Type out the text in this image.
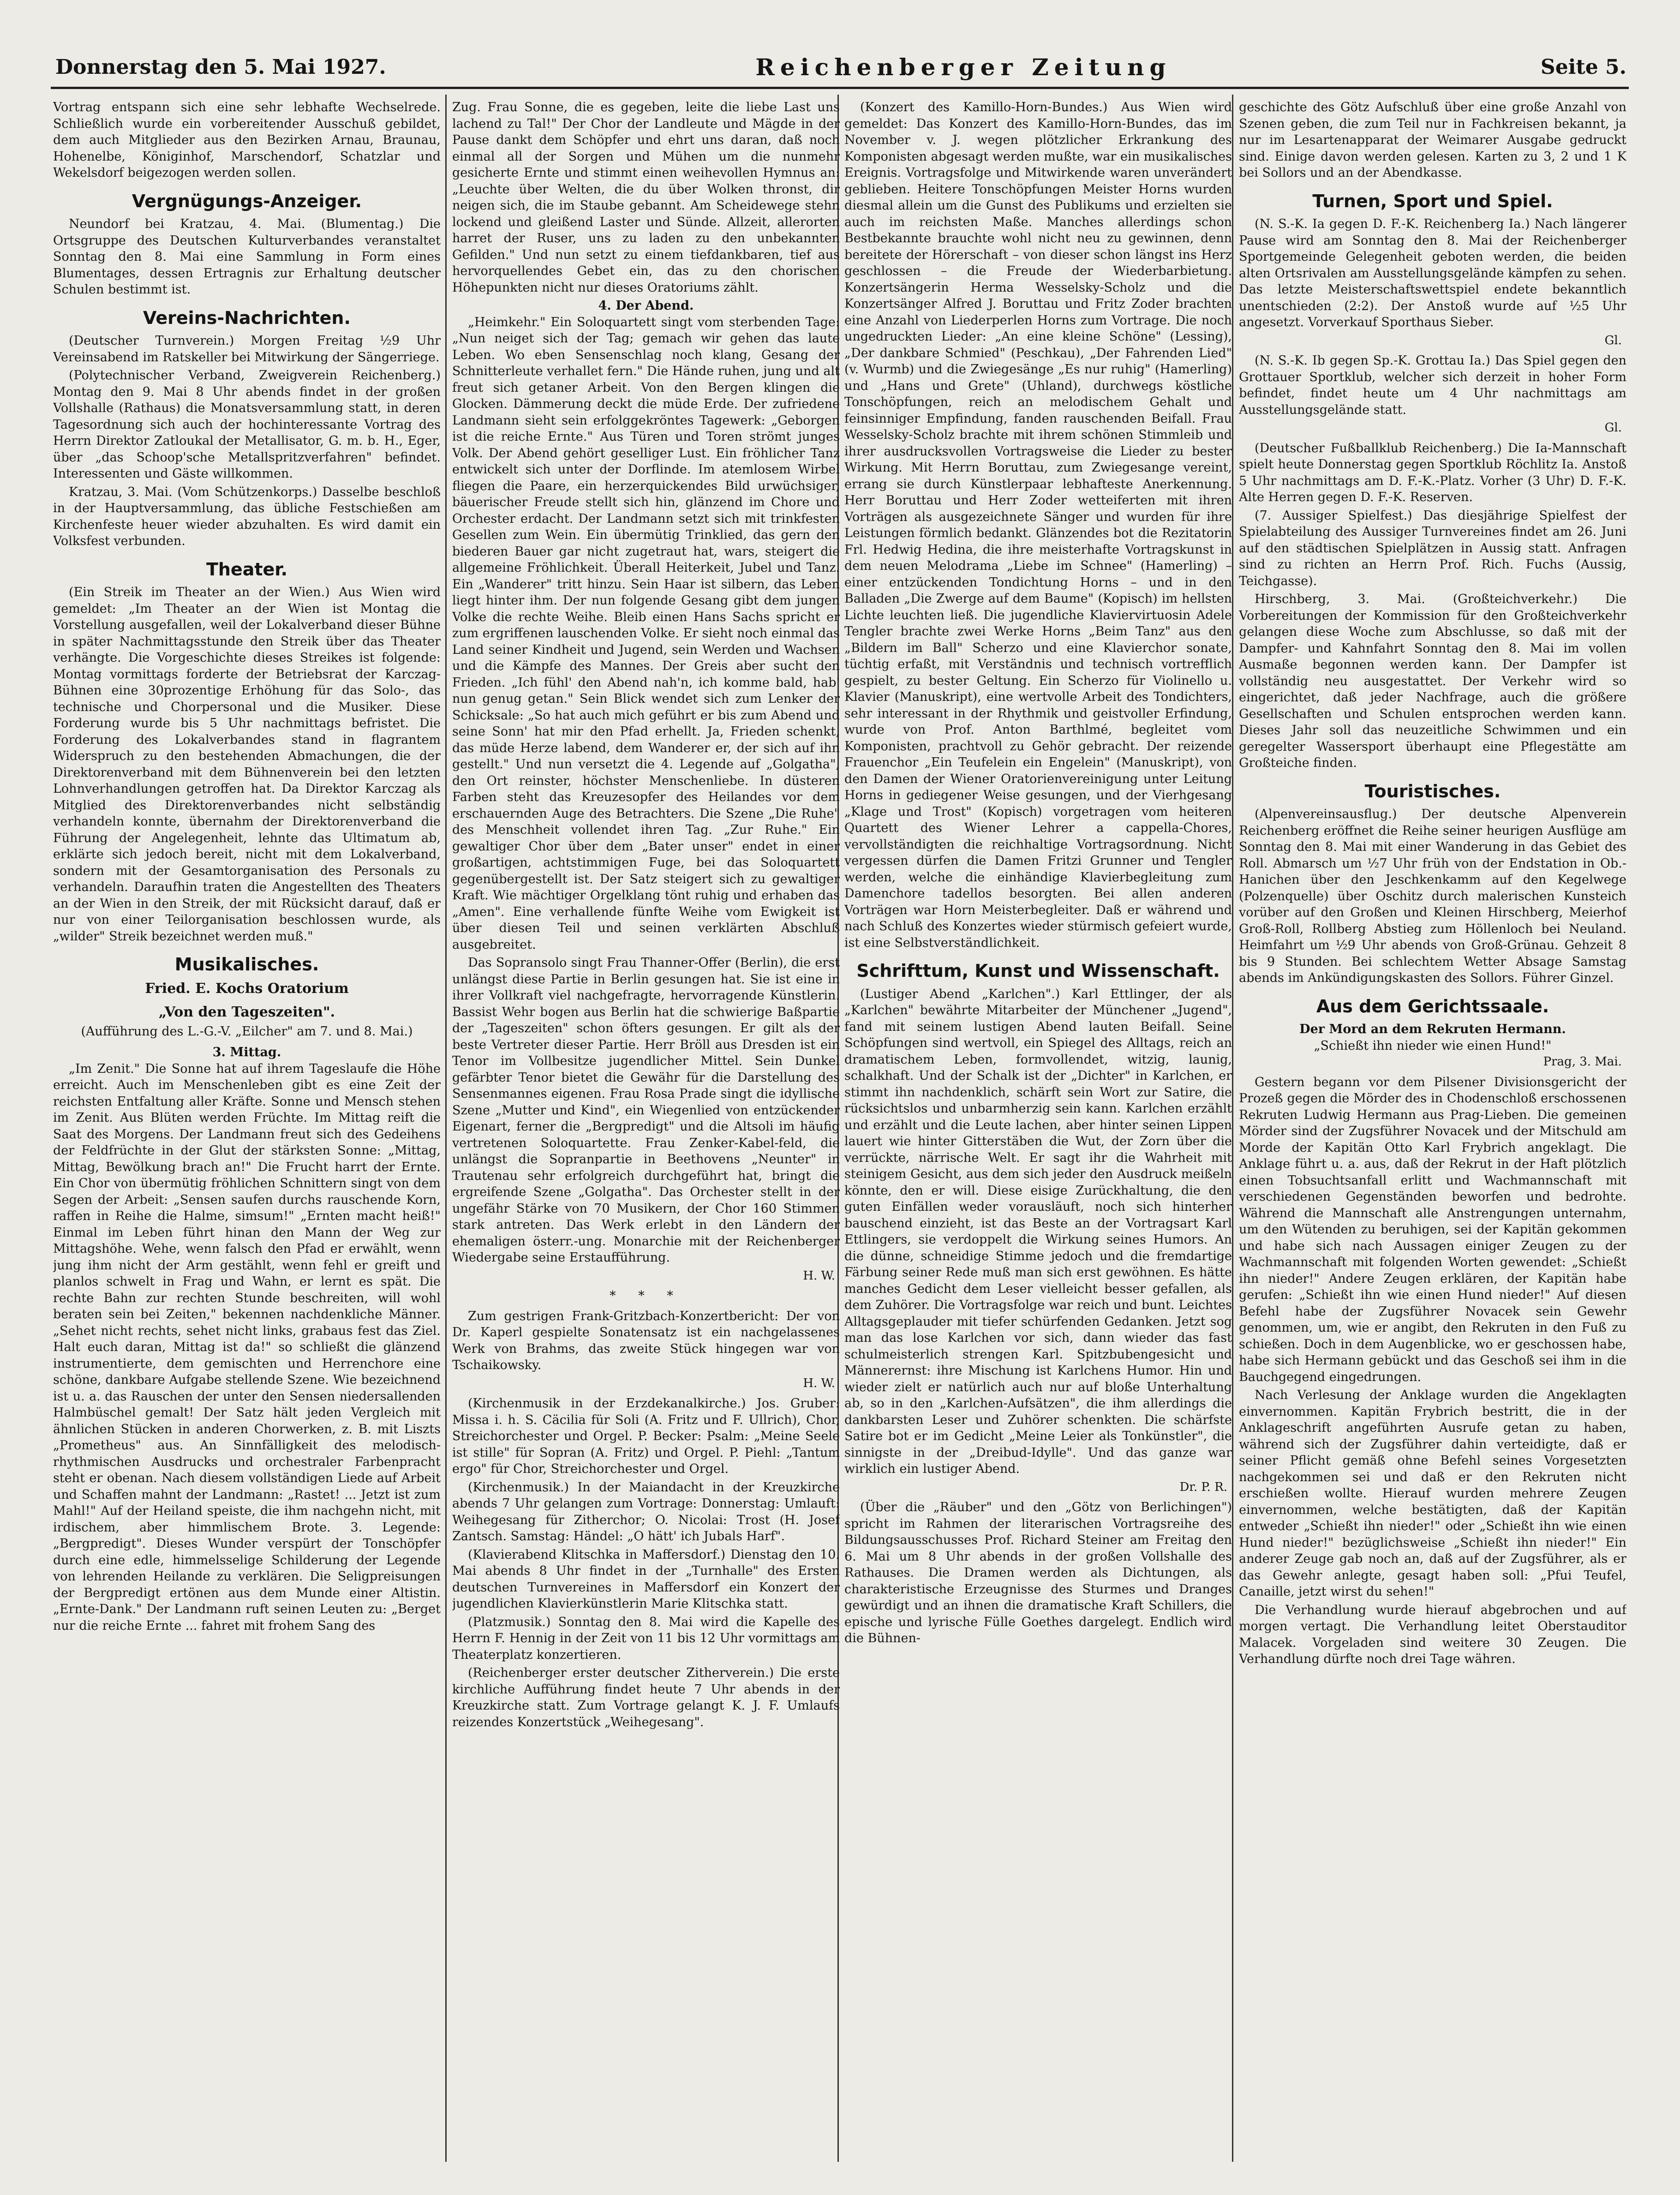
Donnerstag den 5. Mai 1927.	Reichenberger Zeitung	Seite 5.

Vortrag entspann sich eine sehr lebhafte Wechselrede. Schließlich wurde ein vorbereitender Ausschuß gebildet, dem auch Mitglieder aus den Bezirken Arnau, Braunau, Hohenelbe, Königinhof, Marschendorf, Schatzlar und Wekelsdorf beigezogen werden sollen.

Vergnügungs-Anzeiger.

Neundorf bei Kratzau, 4. Mai. (Blumentag.) Die Ortsgruppe des Deutschen Kulturverbandes veranstaltet Sonntag den 8. Mai eine Sammlung in Form eines Blumentages, dessen Ertragnis zur Erhaltung deutscher Schulen bestimmt ist.

Vereins-Nachrichten.

(Deutscher Turnverein.) Morgen Freitag ½9 Uhr Vereinsabend im Ratskeller bei Mitwirkung der Sängerriege.

(Polytechnischer Verband, Zweigverein Reichenberg.) Montag den 9. Mai 8 Uhr abends findet in der großen Vollshalle (Rathaus) die Monatsversammlung statt, in deren Tagesordnung sich auch der hochinteressante Vortrag des Herrn Direktor Zatloukal der Metallisator, G. m. b. H., Eger, über „das Schoop'sche Metallspritzverfahren" befindet. Interessenten und Gäste willkommen.

Kratzau, 3. Mai. (Vom Schützenkorps.) Dasselbe beschloß in der Hauptversammlung, das übliche Festschießen am Kirchenfeste heuer wieder abzuhalten. Es wird damit ein Volksfest verbunden.

Theater.

(Ein Streik im Theater an der Wien.) Aus Wien wird gemeldet: „Im Theater an der Wien ist Montag die Vorstellung ausgefallen, weil der Lokalverband dieser Bühne in später Nachmittagsstunde den Streik über das Theater verhängte. Die Vorgeschichte dieses Streikes ist folgende: Montag vormittags forderte der Betriebsrat der Karczag-Bühnen eine 30prozentige Erhöhung für das Solo-, das technische und Chorpersonal und die Musiker. Diese Forderung wurde bis 5 Uhr nachmittags befristet. Die Forderung des Lokalverbandes stand in flagrantem Widerspruch zu den bestehenden Abmachungen, die der Direktorenverband mit dem Bühnenverein bei den letzten Lohnverhandlungen getroffen hat. Da Direktor Karczag als Mitglied des Direktorenverbandes nicht selbständig verhandeln konnte, übernahm der Direktorenverband die Führung der Angelegenheit, lehnte das Ultimatum ab, erklärte sich jedoch bereit, nicht mit dem Lokalverband, sondern mit der Gesamtorganisation des Personals zu verhandeln. Daraufhin traten die Angestellten des Theaters an der Wien in den Streik, der mit Rücksicht darauf, daß er nur von einer Teilorganisation beschlossen wurde, als „wilder" Streik bezeichnet werden muß."

Musikalisches.
Fried. E. Kochs Oratorium
„Von den Tageszeiten".
(Aufführung des L.-G.-V. „Eilcher" am 7. und 8. Mai.)
3. Mittag.

„Im Zenit." Die Sonne hat auf ihrem Tageslaufe die Höhe erreicht. Auch im Menschenleben gibt es eine Zeit der reichsten Entfaltung aller Kräfte. Sonne und Mensch stehen im Zenit. Aus Blüten werden Früchte. Im Mittag reift die Saat des Morgens. Der Landmann freut sich des Gedeihens der Feldfrüchte in der Glut der stärksten Sonne: „Mittag, Mittag, Bewölkung brach an!" Die Frucht harrt der Ernte. Ein Chor von übermütig fröhlichen Schnittern singt von dem Segen der Arbeit: „Sensen saufen durchs rauschende Korn, raffen in Reihe die Halme, simsum!" „Ernten macht heiß!" Einmal im Leben führt hinan den Mann der Weg zur Mittagshöhe. Wehe, wenn falsch den Pfad er erwählt, wenn jung ihm nicht der Arm gestählt, wenn fehl er greift und planlos schwelt in Frag und Wahn, er lernt es spät. Die rechte Bahn zur rechten Stunde beschreiten, will wohl beraten sein bei Zeiten," bekennen nachdenkliche Männer. „Sehet nicht rechts, sehet nicht links, grabaus fest das Ziel. Halt euch daran, Mittag ist da!" so schließt die glänzend instrumentierte, dem gemischten und Herrenchore eine schöne, dankbare Aufgabe stellende Szene. Wie bezeichnend ist u. a. das Rauschen der unter den Sensen niedersallenden Halmbüschel gemalt! Der Satz hält jeden Vergleich mit ähnlichen Stücken in anderen Chorwerken, z. B. mit Liszts „Prometheus" aus. An Sinnfälligkeit des melodisch-rhythmischen Ausdrucks und orchestraler Farbenpracht steht er obenan. Nach diesem vollständigen Liede auf Arbeit und Schaffen mahnt der Landmann: „Rastet! ... Jetzt ist zum Mahl!" Auf der Heiland speiste, die ihm nachgehn nicht, mit irdischem, aber himmlischem Brote. 3. Legende: „Bergpredigt". Dieses Wunder verspürt der Tonschöpfer durch eine edle, himmelsselige Schilderung der Legende von lehrenden Heilande zu verklären. Die Seligpreisungen der Bergpredigt ertönen aus dem Munde einer Altistin. „Ernte-Dank." Der Landmann ruft seinen Leuten zu: „Berget nur die reiche Ernte ... fahret mit frohem Sang des

Zug. Frau Sonne, die es gegeben, leite die liebe Last uns lachend zu Tal!" Der Chor der Landleute und Mägde in der Pause dankt dem Schöpfer und ehrt uns daran, daß noch einmal all der Sorgen und Mühen um die nunmehr gesicherte Ernte und stimmt einen weihevollen Hymnus an: „Leuchte über Welten, die du über Wolken thronst, dir neigen sich, die im Staube gebannt. Am Scheidewege stehn lockend und gleißend Laster und Sünde. Allzeit, allerorten harret der Ruser, uns zu laden zu den unbekannten Gefilden." Und nun setzt zu einem tiefdankbaren, tief aus hervorquellendes Gebet ein, das zu den chorischen Höhepunkten nicht nur dieses Oratoriums zählt.

4. Der Abend.

„Heimkehr." Ein Soloquartett singt vom sterbenden Tage: „Nun neiget sich der Tag; gemach wir gehen das laute Leben. Wo eben Sensenschlag noch klang, Gesang der Schnitterleute verhallet fern." Die Hände ruhen, jung und alt freut sich getaner Arbeit. Von den Bergen klingen die Glocken. Dämmerung deckt die müde Erde. Der zufriedene Landmann sieht sein erfolggekröntes Tagewerk: „Geborgen ist die reiche Ernte." Aus Türen und Toren strömt junges Volk. Der Abend gehört geselliger Lust. Ein fröhlicher Tanz entwickelt sich unter der Dorflinde. Im atemlosem Wirbel fliegen die Paare, ein herzerquickendes Bild urwüchsiger, bäuerischer Freude stellt sich hin, glänzend im Chore und Orchester erdacht. Der Landmann setzt sich mit trinkfesten Gesellen zum Wein. Ein übermütig Trinklied, das gern den biederen Bauer gar nicht zugetraut hat, wars, steigert die allgemeine Fröhlichkeit. Überall Heiterkeit, Jubel und Tanz. Ein „Wanderer" tritt hinzu. Sein Haar ist silbern, das Leben liegt hinter ihm. Der nun folgende Gesang gibt dem jungen Volke die rechte Weihe. Bleib einen Hans Sachs spricht er zum ergriffenen lauschenden Volke. Er sieht noch einmal das Land seiner Kindheit und Jugend, sein Werden und Wachsen und die Kämpfe des Mannes. Der Greis aber sucht den Frieden. „Ich fühl' den Abend nah'n, ich komme bald, hab' nun genug getan." Sein Blick wendet sich zum Lenker der Schicksale: „So hat auch mich geführt er bis zum Abend und seine Sonn' hat mir den Pfad erhellt. Ja, Frieden schenkt, das müde Herze labend, dem Wanderer er, der sich auf ihn gestellt." Und nun versetzt die 4. Legende auf „Golgatha", den Ort reinster, höchster Menschenliebe. In düsteren Farben steht das Kreuzesopfer des Heilandes vor dem erschauernden Auge des Betrachters. Die Szene „Die Ruhe" des Menschheit vollendet ihren Tag. „Zur Ruhe." Ein gewaltiger Chor über dem „Bater unser" endet in einer großartigen, achtstimmigen Fuge, bei das Soloquartett gegenübergestellt ist. Der Satz steigert sich zu gewaltiger Kraft. Wie mächtiger Orgelklang tönt ruhig und erhaben das „Amen". Eine verhallende fünfte Weihe vom Ewigkeit ist über diesen Teil und seinen verklärten Abschluß ausgebreitet.

Das Sopransolo singt Frau Thanner-Offer (Berlin), die erst unlängst diese Partie in Berlin gesungen hat. Sie ist eine in ihrer Vollkraft viel nachgefragte, hervorragende Künstlerin. Bassist Wehr bogen aus Berlin hat die schwierige Baßpartie der „Tageszeiten" schon öfters gesungen. Er gilt als der beste Vertreter dieser Partie. Herr Bröll aus Dresden ist ein Tenor im Vollbesitze jugendlicher Mittel. Sein Dunkel gefärbter Tenor bietet die Gewähr für die Darstellung des Sensenmannes eigenen. Frau Rosa Prade singt die idyllische Szene „Mutter und Kind", ein Wiegenlied von entzückender Eigenart, ferner die „Bergpredigt" und die Altsoli im häufig vertretenen Soloquartette. Frau Zenker-Kabel-feld, die unlängst die Sopranpartie in Beethovens „Neunter" in Trautenau sehr erfolgreich durchgeführt hat, bringt die ergreifende Szene „Golgatha". Das Orchester stellt in der ungefähr Stärke von 70 Musikern, der Chor 160 Stimmen stark antreten. Das Werk erlebt in den Ländern der ehemaligen österr.-ung. Monarchie mit der Reichenberger Wiedergabe seine Erstaufführung.

H. W.
* * *

Zum gestrigen Frank-Gritzbach-Konzertbericht: Der von Dr. Kaperl gespielte Sonatensatz ist ein nachgelassenes Werk von Brahms, das zweite Stück hingegen war von Tschaikowsky.

H. W.

(Kirchenmusik in der Erzdekanalkirche.) Jos. Gruber: Missa i. h. S. Cäcilia für Soli (A. Fritz und F. Ullrich), Chor, Streichorchester und Orgel. P. Becker: Psalm: „Meine Seele ist stille" für Sopran (A. Fritz) und Orgel. P. Piehl: „Tantum ergo" für Chor, Streichorchester und Orgel.

(Kirchenmusik.) In der Maiandacht in der Kreuzkirche abends 7 Uhr gelangen zum Vortrage: Donnerstag: Umlauft: Weihegesang für Zitherchor; O. Nicolai: Trost (H. Josef Zantsch. Samstag: Händel: „O hätt' ich Jubals Harf".

(Klavierabend Klitschka in Maffersdorf.) Dienstag den 10. Mai abends 8 Uhr findet in der „Turnhalle" des Ersten deutschen Turnvereines in Maffersdorf ein Konzert der jugendlichen Klavierkünstlerin Marie Klitschka statt.

(Platzmusik.) Sonntag den 8. Mai wird die Kapelle des Herrn F. Hennig in der Zeit von 11 bis 12 Uhr vormittags am Theaterplatz konzertieren.

(Reichenberger erster deutscher Zitherverein.) Die erste kirchliche Aufführung findet heute 7 Uhr abends in der Kreuzkirche statt. Zum Vortrage gelangt K. J. F. Umlaufs reizendes Konzertstück „Weihegesang".

(Konzert des Kamillo-Horn-Bundes.) Aus Wien wird gemeldet: Das Konzert des Kamillo-Horn-Bundes, das im November v. J. wegen plötzlicher Erkrankung des Komponisten abgesagt werden mußte, war ein musikalisches Ereignis. Vortragsfolge und Mitwirkende waren unverändert geblieben. Heitere Tonschöpfungen Meister Horns wurden diesmal allein um die Gunst des Publikums und erzielten sie auch im reichsten Maße. Manches allerdings schon Bestbekannte brauchte wohl nicht neu zu gewinnen, denn bereitete der Hörerschaft – von dieser schon längst ins Herz geschlossen – die Freude der Wiederbarbietung. Konzertsängerin Herma Wesselsky-Scholz und die Konzertsänger Alfred J. Boruttau und Fritz Zoder brachten eine Anzahl von Liederperlen Horns zum Vortrage. Die noch ungedruckten Lieder: „An eine kleine Schöne" (Lessing), „Der dankbare Schmied" (Peschkau), „Der Fahrenden Lied" (v. Wurmb) und die Zwiegesänge „Es nur ruhig" (Hamerling) und „Hans und Grete" (Uhland), durchwegs köstliche Tonschöpfungen, reich an melodischem Gehalt und feinsinniger Empfindung, fanden rauschenden Beifall. Frau Wesselsky-Scholz brachte mit ihrem schönen Stimmleib und ihrer ausdrucksvollen Vortragsweise die Lieder zu bester Wirkung. Mit Herrn Boruttau, zum Zwiegesange vereint, errang sie durch Künstlerpaar lebhafteste Anerkennung. Herr Boruttau und Herr Zoder wetteiferten mit ihren Vorträgen als ausgezeichnete Sänger und wurden für ihre Leistungen förmlich bedankt. Glänzendes bot die Rezitatorin Frl. Hedwig Hedina, die ihre meisterhafte Vortragskunst in dem neuen Melodrama „Liebe im Schnee" (Hamerling) – einer entzückenden Tondichtung Horns – und in den Balladen „Die Zwerge auf dem Baume" (Kopisch) im hellsten Lichte leuchten ließ. Die jugendliche Klaviervirtuosin Adele Tengler brachte zwei Werke Horns „Beim Tanz" aus den „Bildern im Ball" Scherzo und eine Klavierchor sonate, tüchtig erfaßt, mit Verständnis und technisch vortrefflich gespielt, zu bester Geltung. Ein Scherzo für Violinello u. Klavier (Manuskript), eine wertvolle Arbeit des Tondichters, sehr interessant in der Rhythmik und geistvoller Erfindung, wurde von Prof. Anton Barthlmé, begleitet vom Komponisten, prachtvoll zu Gehör gebracht. Der reizende Frauenchor „Ein Teufelein ein Engelein" (Manuskript), von den Damen der Wiener Oratorienvereinigung unter Leitung Horns in gediegener Weise gesungen, und der Vierhgesang „Klage und Trost" (Kopisch) vorgetragen vom heiteren Quartett des Wiener Lehrer a cappella-Chores, vervollständigten die reichhaltige Vortragsordnung. Nicht vergessen dürfen die Damen Fritzi Grunner und Tengler werden, welche die einhändige Klavierbegleitung zum Damenchore tadellos besorgten. Bei allen anderen Vorträgen war Horn Meisterbegleiter. Daß er während und nach Schluß des Konzertes wieder stürmisch gefeiert wurde, ist eine Selbstverständlichkeit.

Schrifttum, Kunst und Wissenschaft.

(Lustiger Abend „Karlchen".) Karl Ettlinger, der als „Karlchen" bewährte Mitarbeiter der Münchener „Jugend", fand mit seinem lustigen Abend lauten Beifall. Seine Schöpfungen sind wertvoll, ein Spiegel des Alltags, reich an dramatischem Leben, formvollendet, witzig, launig, schalkhaft. Und der Schalk ist der „Dichter" in Karlchen, er stimmt ihn nachdenklich, schärft sein Wort zur Satire, die rücksichtslos und unbarmherzig sein kann. Karlchen erzählt und erzählt und die Leute lachen, aber hinter seinen Lippen lauert wie hinter Gitterstäben die Wut, der Zorn über die verrückte, närrische Welt. Er sagt ihr die Wahrheit mit steinigem Gesicht, aus dem sich jeder den Ausdruck meißeln könnte, den er will. Diese eisige Zurückhaltung, die den guten Einfällen weder vorausläuft, noch sich hinterher bauschend einzieht, ist das Beste an der Vortragsart Karl Ettlingers, sie verdoppelt die Wirkung seines Humors. An die dünne, schneidige Stimme jedoch und die fremdartige Färbung seiner Rede muß man sich erst gewöhnen. Es hätte manches Gedicht dem Leser vielleicht besser gefallen, als dem Zuhörer. Die Vortragsfolge war reich und bunt. Leichtes Alltagsgeplauder mit tiefer schürfenden Gedanken. Jetzt sog man das lose Karlchen vor sich, dann wieder das fast schulmeisterlich strengen Karl. Spitzbubengesicht und Männerernst: ihre Mischung ist Karlchens Humor. Hin und wieder zielt er natürlich auch nur auf bloße Unterhaltung ab, so in den „Karlchen-Aufsätzen", die ihm allerdings die dankbarsten Leser und Zuhörer schenkten. Die schärfste Satire bot er im Gedicht „Meine Leier als Tonkünstler", die sinnigste in der „Dreibud-Idylle". Und das ganze war wirklich ein lustiger Abend.

Dr. P. R.

(Über die „Räuber" und den „Götz von Berlichingen") spricht im Rahmen der literarischen Vortragsreihe des Bildungsausschusses Prof. Richard Steiner am Freitag den 6. Mai um 8 Uhr abends in der großen Vollshalle des Rathauses. Die Dramen werden als Dichtungen, als charakteristische Erzeugnisse des Sturmes und Dranges gewürdigt und an ihnen die dramatische Kraft Schillers, die epische und lyrische Fülle Goethes dargelegt. Endlich wird die Bühnen-

geschichte des Götz Aufschluß über eine große Anzahl von Szenen geben, die zum Teil nur in Fachkreisen bekannt, ja nur im Lesartenapparat der Weimarer Ausgabe gedruckt sind. Einige davon werden gelesen. Karten zu 3, 2 und 1 K bei Sollors und an der Abendkasse.

Turnen, Sport und Spiel.

(N. S.-K. Ia gegen D. F.-K. Reichenberg Ia.) Nach längerer Pause wird am Sonntag den 8. Mai der Reichenberger Sportgemeinde Gelegenheit geboten werden, die beiden alten Ortsrivalen am Ausstellungsgelände kämpfen zu sehen. Das letzte Meisterschaftswettspiel endete bekanntlich unentschieden (2:2). Der Anstoß wurde auf ½5 Uhr angesetzt. Vorverkauf Sporthaus Sieber.

Gl.

(N. S.-K. Ib gegen Sp.-K. Grottau Ia.) Das Spiel gegen den Grottauer Sportklub, welcher sich derzeit in hoher Form befindet, findet heute um 4 Uhr nachmittags am Ausstellungsgelände statt.

Gl.

(Deutscher Fußballklub Reichenberg.) Die Ia-Mannschaft spielt heute Donnerstag gegen Sportklub Röchlitz Ia. Anstoß 5 Uhr nachmittags am D. F.-K.-Platz. Vorher (3 Uhr) D. F.-K. Alte Herren gegen D. F.-K. Reserven.

(7. Aussiger Spielfest.) Das diesjährige Spielfest der Spielabteilung des Aussiger Turnvereines findet am 26. Juni auf den städtischen Spielplätzen in Aussig statt. Anfragen sind zu richten an Herrn Prof. Rich. Fuchs (Aussig, Teichgasse).

Hirschberg, 3. Mai. (Großteichverkehr.) Die Vorbereitungen der Kommission für den Großteichverkehr gelangen diese Woche zum Abschlusse, so daß mit der Dampfer- und Kahnfahrt Sonntag den 8. Mai im vollen Ausmaße begonnen werden kann. Der Dampfer ist vollständig neu ausgestattet. Der Verkehr wird so eingerichtet, daß jeder Nachfrage, auch die größere Gesellschaften und Schulen entsprochen werden kann. Dieses Jahr soll das neuzeitliche Schwimmen und ein geregelter Wassersport überhaupt eine Pflegestätte am Großteiche finden.

Touristisches.

(Alpenvereinsausflug.) Der deutsche Alpenverein Reichenberg eröffnet die Reihe seiner heurigen Ausflüge am Sonntag den 8. Mai mit einer Wanderung in das Gebiet des Roll. Abmarsch um ½7 Uhr früh von der Endstation in Ob.-Hanichen über den Jeschkenkamm auf den Kegelwege (Polzenquelle) über Oschitz durch malerischen Kunsteich vorüber auf den Großen und Kleinen Hirschberg, Meierhof Groß-Roll, Rollberg Abstieg zum Höllenloch bei Neuland. Heimfahrt um ½9 Uhr abends von Groß-Grünau. Gehzeit 8 bis 9 Stunden. Bei schlechtem Wetter Absage Samstag abends im Ankündigungskasten des Sollors. Führer Ginzel.

Aus dem Gerichtssaale.
Der Mord an dem Rekruten Hermann.
„Schießt ihn nieder wie einen Hund!"
Prag, 3. Mai.

Gestern begann vor dem Pilsener Divisionsgericht der Prozeß gegen die Mörder des in Chodenschloß erschossenen Rekruten Ludwig Hermann aus Prag-Lieben. Die gemeinen Mörder sind der Zugsführer Novacek und der Mitschuld am Morde der Kapitän Otto Karl Frybrich angeklagt. Die Anklage führt u. a. aus, daß der Rekrut in der Haft plötzlich einen Tobsuchtsanfall erlitt und Wachmannschaft mit verschiedenen Gegenständen beworfen und bedrohte. Während die Mannschaft alle Anstrengungen unternahm, um den Wütenden zu beruhigen, sei der Kapitän gekommen und habe sich nach Aussagen einiger Zeugen zu der Wachmannschaft mit folgenden Worten gewendet: „Schießt ihn nieder!" Andere Zeugen erklären, der Kapitän habe gerufen: „Schießt ihn wie einen Hund nieder!" Auf diesen Befehl habe der Zugsführer Novacek sein Gewehr genommen, um, wie er angibt, den Rekruten in den Fuß zu schießen. Doch in dem Augenblicke, wo er geschossen habe, habe sich Hermann gebückt und das Geschoß sei ihm in die Bauchgegend eingedrungen.

Nach Verlesung der Anklage wurden die Angeklagten einvernommen. Kapitän Frybrich bestritt, die in der Anklageschrift angeführten Ausrufe getan zu haben, während sich der Zugsführer dahin verteidigte, daß er seiner Pflicht gemäß ohne Befehl seines Vorgesetzten nachgekommen sei und daß er den Rekruten nicht erschießen wollte. Hierauf wurden mehrere Zeugen einvernommen, welche bestätigten, daß der Kapitän entweder „Schießt ihn nieder!" oder „Schießt ihn wie einen Hund nieder!" bezüglichsweise „Schießt ihn nieder!" Ein anderer Zeuge gab noch an, daß auf der Zugsführer, als er das Gewehr anlegte, gesagt haben soll: „Pfui Teufel, Canaille, jetzt wirst du sehen!"

Die Verhandlung wurde hierauf abgebrochen und auf morgen vertagt. Die Verhandlung leitet Oberstauditor Malacek. Vorgeladen sind weitere 30 Zeugen. Die Verhandlung dürfte noch drei Tage währen.
